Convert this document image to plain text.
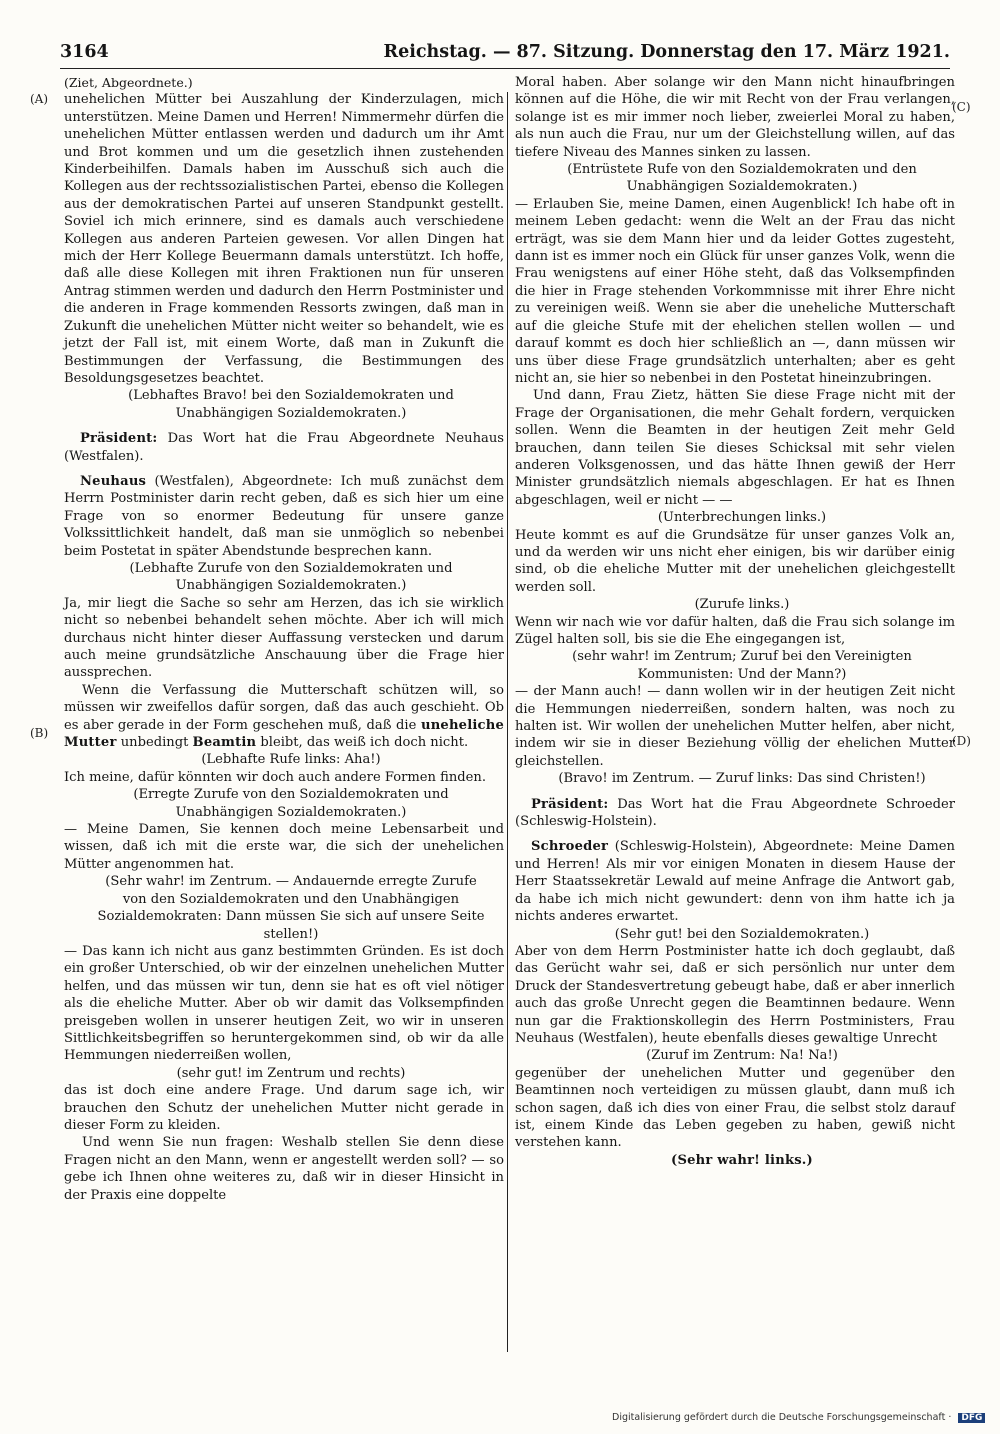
3164	Reichstag. — 87. Sitzung. Donnerstag den 17. März 1921.
(A)
(B)
(C)
(D)

(Ziet, Abgeordnete.)

unehelichen Mütter bei Auszahlung der Kinderzulagen, mich unterstützen. Meine Damen und Herren! Nimmermehr dürfen die unehelichen Mütter entlassen werden und dadurch um ihr Amt und Brot kommen und um die gesetzlich ihnen zustehenden Kinderbeihilfen. Damals haben im Ausschuß sich auch die Kollegen aus der rechtssozialistischen Partei, ebenso die Kollegen aus der demokratischen Partei auf unseren Standpunkt gestellt. Soviel ich mich erinnere, sind es damals auch verschiedene Kollegen aus anderen Parteien gewesen. Vor allen Dingen hat mich der Herr Kollege Beuermann damals unterstützt. Ich hoffe, daß alle diese Kollegen mit ihren Fraktionen nun für unseren Antrag stimmen werden und dadurch den Herrn Postminister und die anderen in Frage kommenden Ressorts zwingen, daß man in Zukunft die unehelichen Mütter nicht weiter so behandelt, wie es jetzt der Fall ist, mit einem Worte, daß man in Zukunft die Bestimmungen der Verfassung, die Bestimmungen des Besoldungsgesetzes beachtet.

(Lebhaftes Bravo! bei den Sozialdemokraten und Unabhängigen Sozialdemokraten.)

Präsident: Das Wort hat die Frau Abgeordnete Neuhaus (Westfalen).

Neuhaus (Westfalen), Abgeordnete: Ich muß zunächst dem Herrn Postminister darin recht geben, daß es sich hier um eine Frage von so enormer Bedeutung für unsere ganze Volkssittlichkeit handelt, daß man sie unmöglich so nebenbei beim Postetat in später Abendstunde besprechen kann.

(Lebhafte Zurufe von den Sozialdemokraten und Unabhängigen Sozialdemokraten.)

Ja, mir liegt die Sache so sehr am Herzen, das ich sie wirklich nicht so nebenbei behandelt sehen möchte. Aber ich will mich durchaus nicht hinter dieser Auffassung verstecken und darum auch meine grundsätzliche Anschauung über die Frage hier aussprechen.

Wenn die Verfassung die Mutterschaft schützen will, so müssen wir zweifellos dafür sorgen, daß das auch geschieht. Ob es aber gerade in der Form geschehen muß, daß die uneheliche Mutter unbedingt Beamtin bleibt, das weiß ich doch nicht.

(Lebhafte Rufe links: Aha!)

Ich meine, dafür könnten wir doch auch andere Formen finden.

(Erregte Zurufe von den Sozialdemokraten und Unabhängigen Sozialdemokraten.)

— Meine Damen, Sie kennen doch meine Lebensarbeit und wissen, daß ich mit die erste war, die sich der unehelichen Mütter angenommen hat.

(Sehr wahr! im Zentrum. — Andauernde erregte Zurufe von den Sozialdemokraten und den Unabhängigen Sozialdemokraten: Dann müssen Sie sich auf unsere Seite stellen!)

— Das kann ich nicht aus ganz bestimmten Gründen. Es ist doch ein großer Unterschied, ob wir der einzelnen unehelichen Mutter helfen, und das müssen wir tun, denn sie hat es oft viel nötiger als die eheliche Mutter. Aber ob wir damit das Volksempfinden preisgeben wollen in unserer heutigen Zeit, wo wir in unseren Sittlichkeitsbegriffen so heruntergekommen sind, ob wir da alle Hemmungen niederreißen wollen,

(sehr gut! im Zentrum und rechts)

das ist doch eine andere Frage. Und darum sage ich, wir brauchen den Schutz der unehelichen Mutter nicht gerade in dieser Form zu kleiden.

Und wenn Sie nun fragen: Weshalb stellen Sie denn diese Fragen nicht an den Mann, wenn er angestellt werden soll? — so gebe ich Ihnen ohne weiteres zu, daß wir in dieser Hinsicht in der Praxis eine doppelte

Moral haben. Aber solange wir den Mann nicht hinaufbringen können auf die Höhe, die wir mit Recht von der Frau verlangen, solange ist es mir immer noch lieber, zweierlei Moral zu haben, als nun auch die Frau, nur um der Gleichstellung willen, auf das tiefere Niveau des Mannes sinken zu lassen.

(Entrüstete Rufe von den Sozialdemokraten und den Unabhängigen Sozialdemokraten.)

— Erlauben Sie, meine Damen, einen Augenblick! Ich habe oft in meinem Leben gedacht: wenn die Welt an der Frau das nicht erträgt, was sie dem Mann hier und da leider Gottes zugesteht, dann ist es immer noch ein Glück für unser ganzes Volk, wenn die Frau wenigstens auf einer Höhe steht, daß das Volksempfinden die hier in Frage stehenden Vorkommnisse mit ihrer Ehre nicht zu vereinigen weiß. Wenn sie aber die uneheliche Mutterschaft auf die gleiche Stufe mit der ehelichen stellen wollen — und darauf kommt es doch hier schließlich an —, dann müssen wir uns über diese Frage grundsätzlich unterhalten; aber es geht nicht an, sie hier so nebenbei in den Postetat hineinzubringen.

Und dann, Frau Zietz, hätten Sie diese Frage nicht mit der Frage der Organisationen, die mehr Gehalt fordern, verquicken sollen. Wenn die Beamten in der heutigen Zeit mehr Geld brauchen, dann teilen Sie dieses Schicksal mit sehr vielen anderen Volksgenossen, und das hätte Ihnen gewiß der Herr Minister grundsätzlich niemals abgeschlagen. Er hat es Ihnen abgeschlagen, weil er nicht — —

(Unterbrechungen links.)

Heute kommt es auf die Grundsätze für unser ganzes Volk an, und da werden wir uns nicht eher einigen, bis wir darüber einig sind, ob die eheliche Mutter mit der unehelichen gleichgestellt werden soll.

(Zurufe links.)

Wenn wir nach wie vor dafür halten, daß die Frau sich solange im Zügel halten soll, bis sie die Ehe eingegangen ist,

(sehr wahr! im Zentrum; Zuruf bei den Vereinigten Kommunisten: Und der Mann?)

— der Mann auch! — dann wollen wir in der heutigen Zeit nicht die Hemmungen niederreißen, sondern halten, was noch zu halten ist. Wir wollen der unehelichen Mutter helfen, aber nicht, indem wir sie in dieser Beziehung völlig der ehelichen Mutter gleichstellen.

(Bravo! im Zentrum. — Zuruf links: Das sind Christen!)

Präsident: Das Wort hat die Frau Abgeordnete Schroeder (Schleswig-Holstein).

Schroeder (Schleswig-Holstein), Abgeordnete: Meine Damen und Herren! Als mir vor einigen Monaten in diesem Hause der Herr Staatssekretär Lewald auf meine Anfrage die Antwort gab, da habe ich mich nicht gewundert: denn von ihm hatte ich ja nichts anderes erwartet.

(Sehr gut! bei den Sozialdemokraten.)

Aber von dem Herrn Postminister hatte ich doch geglaubt, daß das Gerücht wahr sei, daß er sich persönlich nur unter dem Druck der Standesvertretung gebeugt habe, daß er aber innerlich auch das große Unrecht gegen die Beamtinnen bedaure. Wenn nun gar die Fraktionskollegin des Herrn Postministers, Frau Neuhaus (Westfalen), heute ebenfalls dieses gewaltige Unrecht

(Zuruf im Zentrum: Na! Na!)

gegenüber der unehelichen Mutter und gegenüber den Beamtinnen noch verteidigen zu müssen glaubt, dann muß ich schon sagen, daß ich dies von einer Frau, die selbst stolz darauf ist, einem Kinde das Leben gegeben zu haben, gewiß nicht verstehen kann.

(Sehr wahr! links.)

Digitalisierung gefördert durch die Deutsche Forschungsgemeinschaft · DFG
